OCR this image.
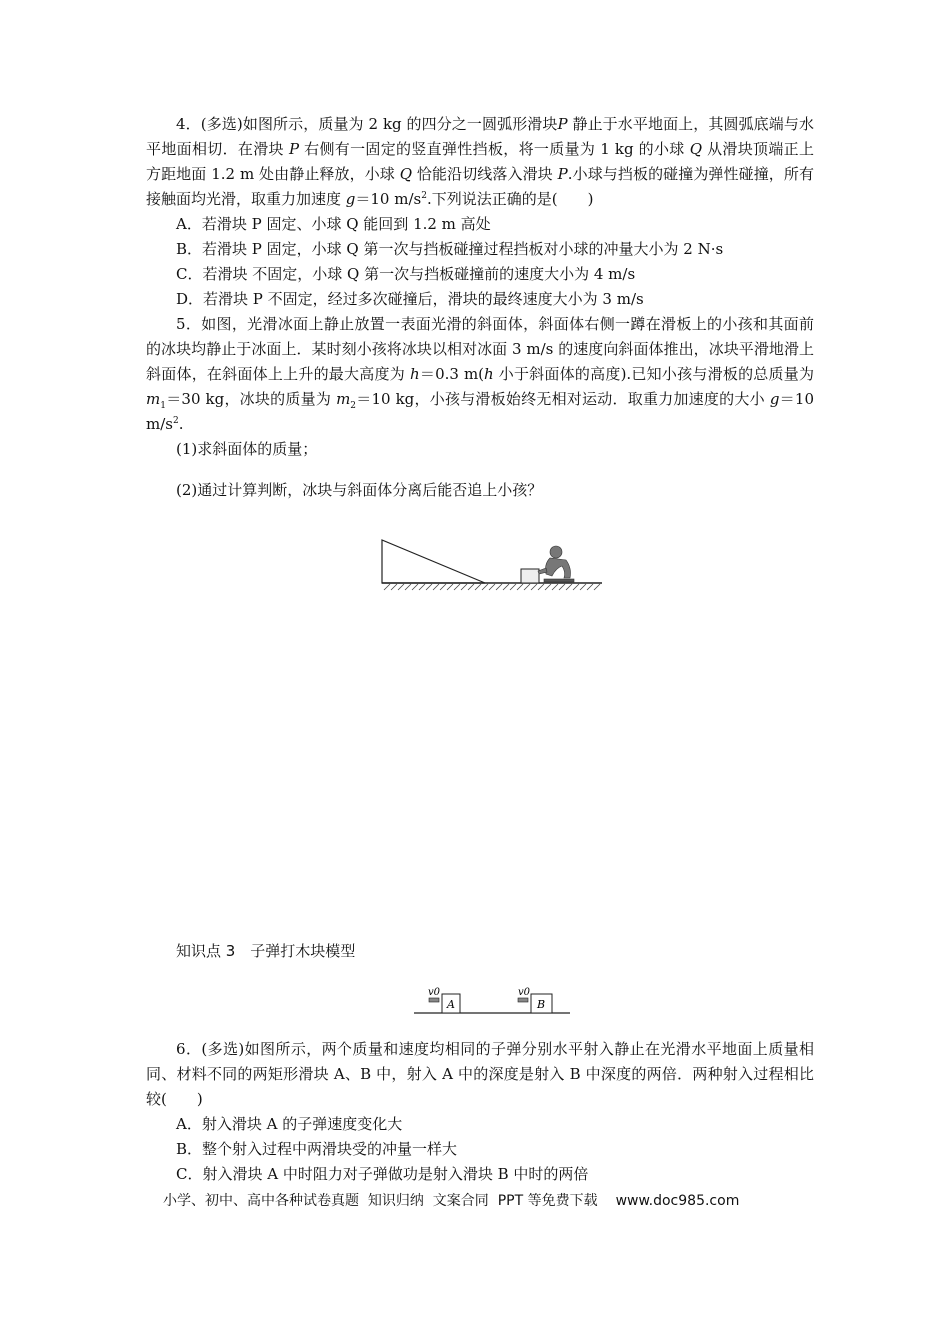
4．(多选)如图所示，质量为 2 kg 的四分之一圆弧形滑块P 静止于水平地面上，其圆弧底端与水平地面相切．在滑块 P 右侧有一固定的竖直弹性挡板，将一质量为 1 kg 的小球 Q 从滑块顶端正上方距地面 1.2 m 处由静止释放，小球 Q 恰能沿切线落入滑块 P.小球与挡板的碰撞为弹性碰撞，所有接触面均光滑，取重力加速度 g＝10 $m/s^2$.下列说法正确的是(　　)

A．若滑块 P 固定、小球 Q 能回到 1.2 m 高处

B．若滑块 P 固定，小球 Q 第一次与挡板碰撞过程挡板对小球的冲量大小为 2 N·s

C．若滑块 不固定，小球 Q 第一次与挡板碰撞前的速度大小为 4 m/s

D．若滑块 P 不固定，经过多次碰撞后，滑块的最终速度大小为 3 m/s

5．如图，光滑冰面上静止放置一表面光滑的斜面体，斜面体右侧一蹲在滑板上的小孩和其面前的冰块均静止于冰面上．某时刻小孩将冰块以相对冰面 3 m/s 的速度向斜面体推出，冰块平滑地滑上斜面体，在斜面体上上升的最大高度为 h＝0.3 m(h 小于斜面体的高度).已知小孩与滑板的总质量为 $m_1=30$ kg，冰块的质量为 $m_2=10$ kg，小孩与滑板始终无相对运动．取重力加速度的大小 g＝10 $m/s^2$.

(1)求斜面体的质量；

(2)通过计算判断，冰块与斜面体分离后能否追上小孩？

知识点 3　子弹打木块模型
v0
A
v0
B

6．(多选)如图所示，两个质量和速度均相同的子弹分别水平射入静止在光滑水平地面上质量相同、材料不同的两矩形滑块 A、B 中，射入 A 中的深度是射入 B 中深度的两倍．两种射入过程相比较(　　)

A．射入滑块 A 的子弹速度变化大

B．整个射入过程中两滑块受的冲量一样大

C．射入滑块 A 中时阻力对子弹做功是射入滑块 B 中时的两倍

小学、初中、高中各种试卷真题  知识归纳  文案合同  PPT 等免费下载 www.doc985.com
